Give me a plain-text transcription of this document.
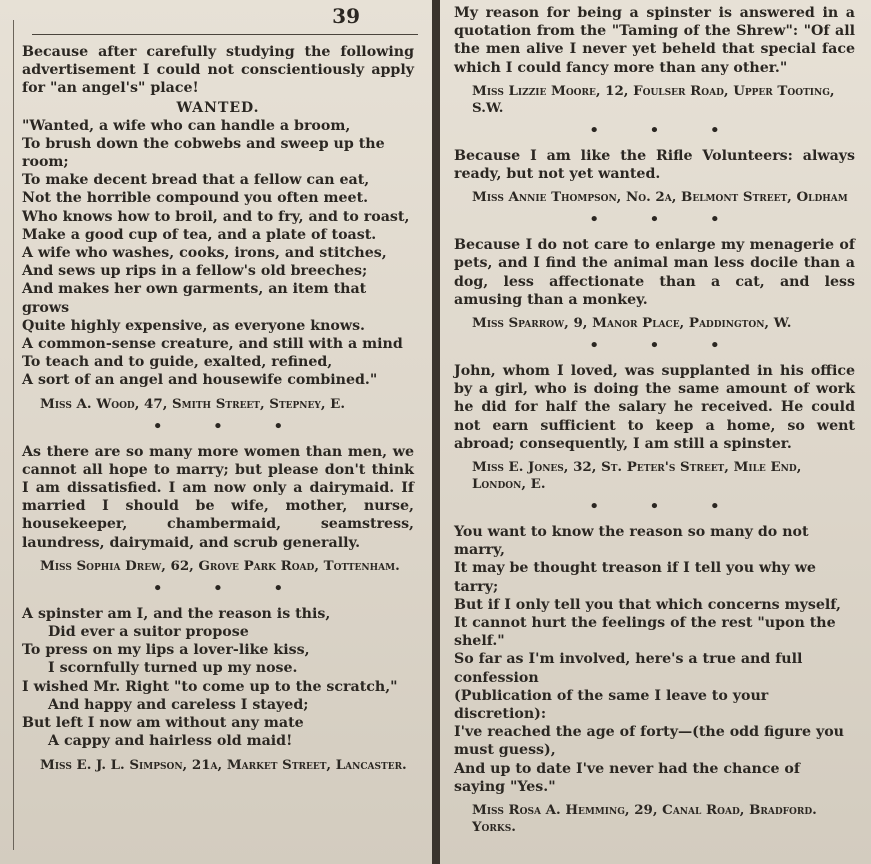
39

Because after carefully studying the following advertisement I could not conscientiously apply for "an angel's" place!

WANTED.

"Wanted, a wife who can handle a broom,
To brush down the cobwebs and sweep up the room;
To make decent bread that a fellow can eat,
Not the horrible compound you often meet.
Who knows how to broil, and to fry, and to roast,
Make a good cup of tea, and a plate of toast.
A wife who washes, cooks, irons, and stitches,
And sews up rips in a fellow's old breeches;
And makes her own garments, an item that grows
Quite highly expensive, as everyone knows.
A common-sense creature, and still with a mind
To teach and to guide, exalted, refined,
A sort of an angel and housewife combined."

Miss A. Wood, 47, Smith Street, Stepney, E.

• • •

As there are so many more women than men, we cannot all hope to marry; but please don't think I am dissatisfied. I am now only a dairymaid. If married I should be wife, mother, nurse, housekeeper, chambermaid, seamstress, laundress, dairymaid, and scrub generally.

Miss Sophia Drew, 62, Grove Park Road, Tottenham.

• • •
A spinster am I, and the reason is this,
Did ever a suitor propose
To press on my lips a lover-like kiss,
I scornfully turned up my nose.
I wished Mr. Right "to come up to the scratch,"
And happy and careless I stayed;
But left I now am without any mate
A cappy and hairless old maid!

Miss E. J. L. Simpson, 21a, Market Street, Lancaster.

My reason for being a spinster is answered in a quotation from the "Taming of the Shrew": "Of all the men alive I never yet beheld that special face which I could fancy more than any other."

Miss Lizzie Moore, 12, Foulser Road, Upper Tooting, S.W.

• • •

Because I am like the Rifle Volunteers: always ready, but not yet wanted.

Miss Annie Thompson, No. 2a, Belmont Street, Oldham

• • •

Because I do not care to enlarge my menagerie of pets, and I find the animal man less docile than a dog, less affectionate than a cat, and less amusing than a monkey.

Miss Sparrow, 9, Manor Place, Paddington, W.

• • •

John, whom I loved, was supplanted in his office by a girl, who is doing the same amount of work he did for half the salary he received. He could not earn sufficient to keep a home, so went abroad; consequently, I am still a spinster.

Miss E. Jones, 32, St. Peter's Street, Mile End, London, E.

• • •
You want to know the reason so many do not marry,
It may be thought treason if I tell you why we tarry;
But if I only tell you that which concerns myself,
It cannot hurt the feelings of the rest "upon the shelf."
So far as I'm involved, here's a true and full confession
(Publication of the same I leave to your discretion):
I've reached the age of forty—(the odd figure you must guess),
And up to date I've never had the chance of saying "Yes."

Miss Rosa A. Hemming, 29, Canal Road, Bradford. Yorks.
